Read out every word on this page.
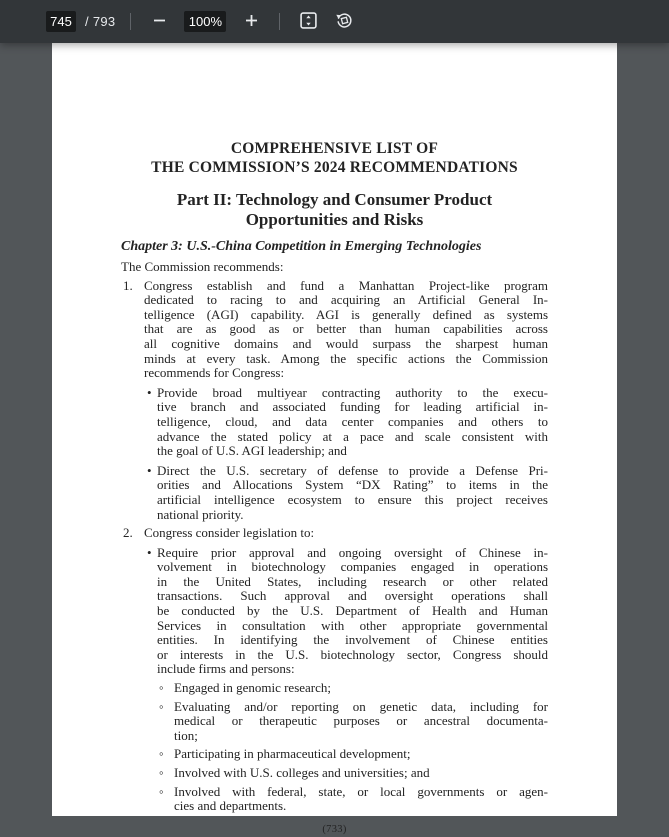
745
/ 793	100%
COMPREHENSIVE LIST OF
THE COMMISSION’S 2024 RECOMMENDATIONS
Part II: Technology and Consumer Product
Opportunities and Risks
Chapter 3: U.S.-China Competition in Emerging Technologies
The Commission recommends:
1. Congress establish and fund a Manhattan Project-like program
dedicated to racing to and acquiring an Artificial General In-
telligence (AGI) capability. AGI is generally defined as systems
that are as good as or better than human capabilities across
all cognitive domains and would surpass the sharpest human
minds at every task. Among the specific actions the Commission
recommends for Congress:
• Provide broad multiyear contracting authority to the execu-
tive branch and associated funding for leading artificial in-
telligence, cloud, and data center companies and others to
advance the stated policy at a pace and scale consistent with
the goal of U.S. AGI leadership; and
• Direct the U.S. secretary of defense to provide a Defense Pri-
orities and Allocations System “DX Rating” to items in the
artificial intelligence ecosystem to ensure this project receives
national priority.
2. Congress consider legislation to:
• Require prior approval and ongoing oversight of Chinese in-
volvement in biotechnology companies engaged in operations
in the United States, including research or other related
transactions. Such approval and oversight operations shall
be conducted by the U.S. Department of Health and Human
Services in consultation with other appropriate governmental
entities. In identifying the involvement of Chinese entities
or interests in the U.S. biotechnology sector, Congress should
include firms and persons:
◦ Engaged in genomic research;
◦ Evaluating and/or reporting on genetic data, including for
medical or therapeutic purposes or ancestral documenta-
tion;
◦ Participating in pharmaceutical development;
◦ Involved with U.S. colleges and universities; and
◦ Involved with federal, state, or local governments or agen-
cies and departments.
(733)
